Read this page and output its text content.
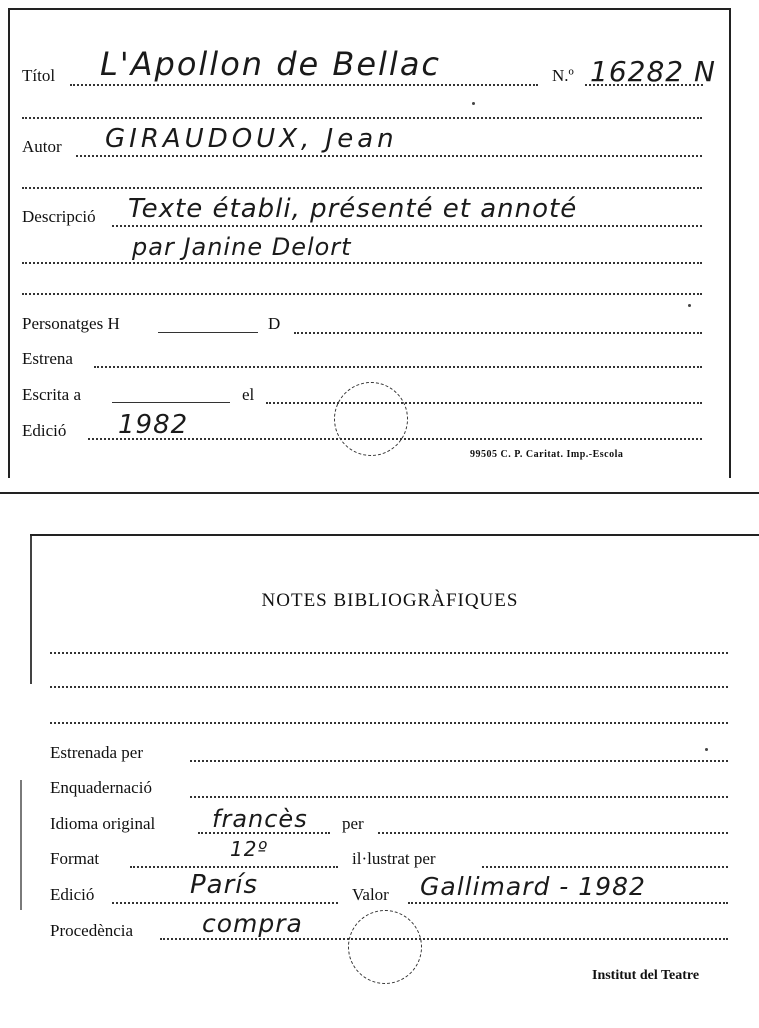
Títol L'Apollon de Bellac	N.º 16282 N
Autor GIRAUDOUX, Jean
Descripció Texte établi, présenté et annoté
par Janine Delort
Personatges H	D
Estrena
Escrita a	el
Edició 1982
99505 C. P. Caritat. Imp.-Escola
NOTES BIBLIOGRÀFIQUES
Estrenada per
Enquadernació
Idioma original francès per
Format	12º	il·lustrat per
Edició	París	Valor Gallimard - 1982
Procedència	compra
Institut del Teatre
